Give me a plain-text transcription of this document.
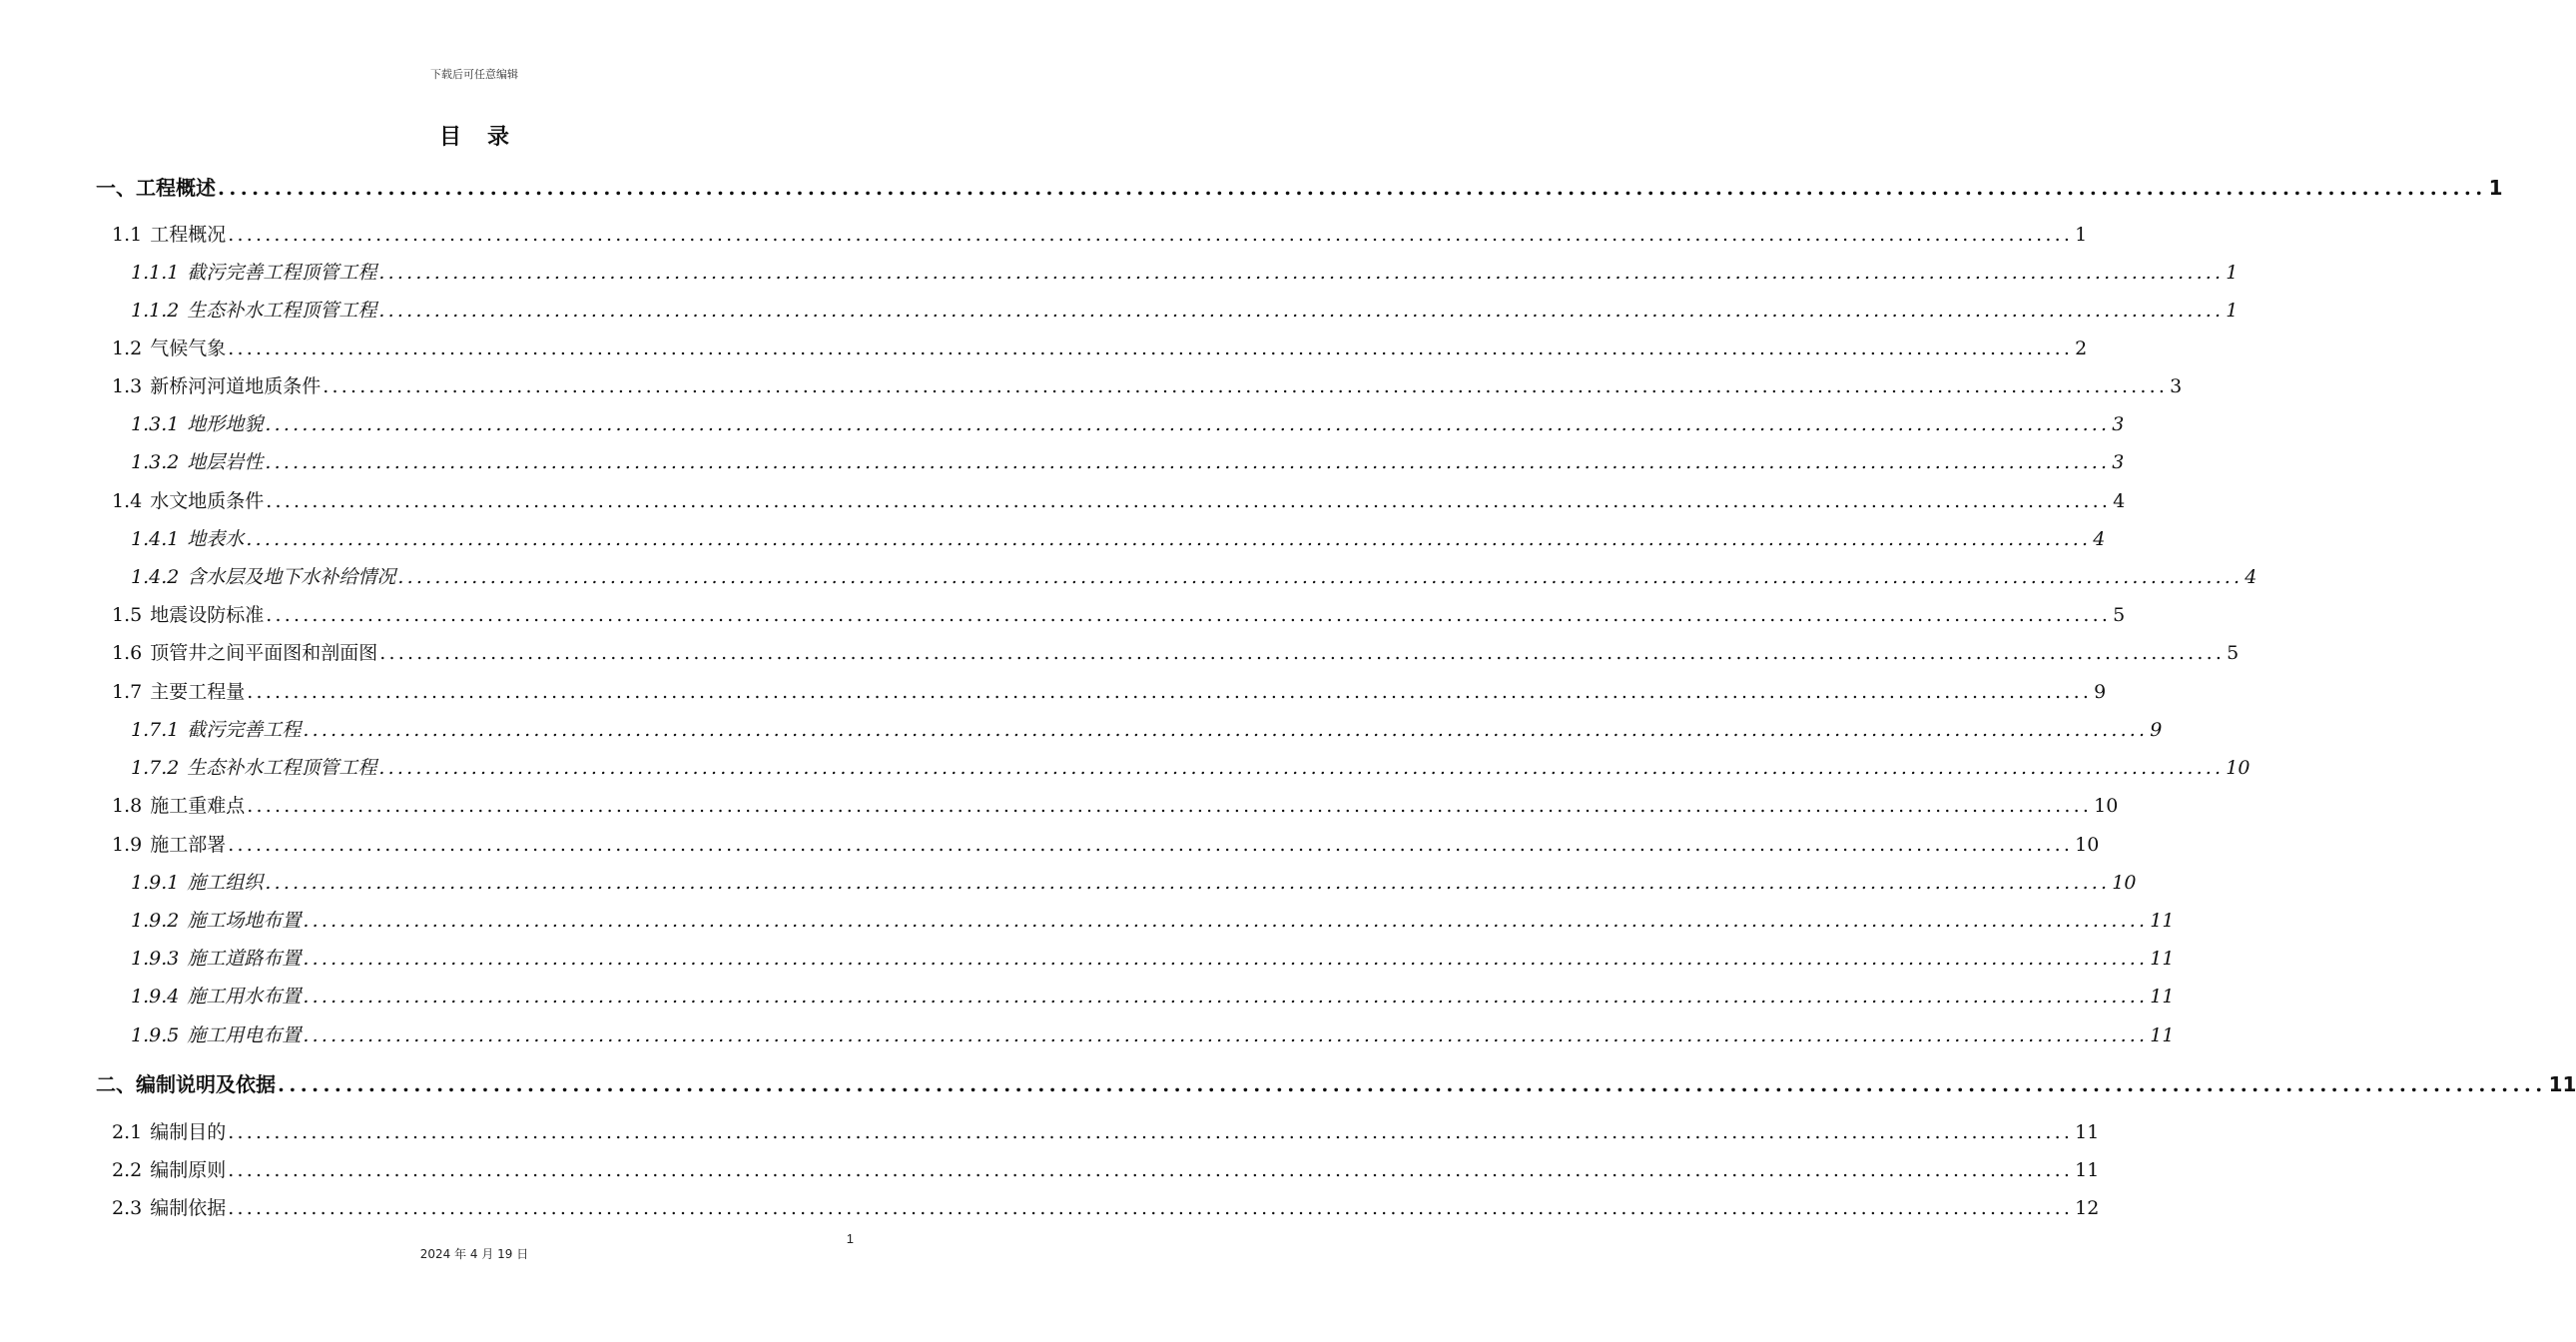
下载后可任意编辑
目录
一、工程概述 ........................................................................................................................................................................................................ 1
1.1 工程概况 ........................................................................................................................................................................................................ 1
1.1.1 截污完善工程顶管工程 ........................................................................................................................................................................................................ 1
1.1.2 生态补水工程顶管工程 ........................................................................................................................................................................................................ 1
1.2 气候气象 ........................................................................................................................................................................................................ 2
1.3 新桥河河道地质条件 ........................................................................................................................................................................................................ 3
1.3.1 地形地貌 ........................................................................................................................................................................................................ 3
1.3.2 地层岩性 ........................................................................................................................................................................................................ 3
1.4 水文地质条件 ........................................................................................................................................................................................................ 4
1.4.1 地表水 ........................................................................................................................................................................................................ 4
1.4.2 含水层及地下水补给情况 ........................................................................................................................................................................................................ 4
1.5 地震设防标准 ........................................................................................................................................................................................................ 5
1.6 顶管井之间平面图和剖面图 ........................................................................................................................................................................................................ 5
1.7 主要工程量 ........................................................................................................................................................................................................ 9
1.7.1 截污完善工程 ........................................................................................................................................................................................................ 9
1.7.2 生态补水工程顶管工程 ........................................................................................................................................................................................................ 10
1.8 施工重难点 ........................................................................................................................................................................................................ 10
1.9 施工部署 ........................................................................................................................................................................................................ 10
1.9.1 施工组织 ........................................................................................................................................................................................................ 10
1.9.2 施工场地布置 ........................................................................................................................................................................................................ 11
1.9.3 施工道路布置 ........................................................................................................................................................................................................ 11
1.9.4 施工用水布置 ........................................................................................................................................................................................................ 11
1.9.5 施工用电布置 ........................................................................................................................................................................................................ 11
二、编制说明及依据 ........................................................................................................................................................................................................ 11
2.1 编制目的 ........................................................................................................................................................................................................ 11
2.2 编制原则 ........................................................................................................................................................................................................ 11
2.3 编制依据 ........................................................................................................................................................................................................ 12
1
2024 年 4 月 19 日
